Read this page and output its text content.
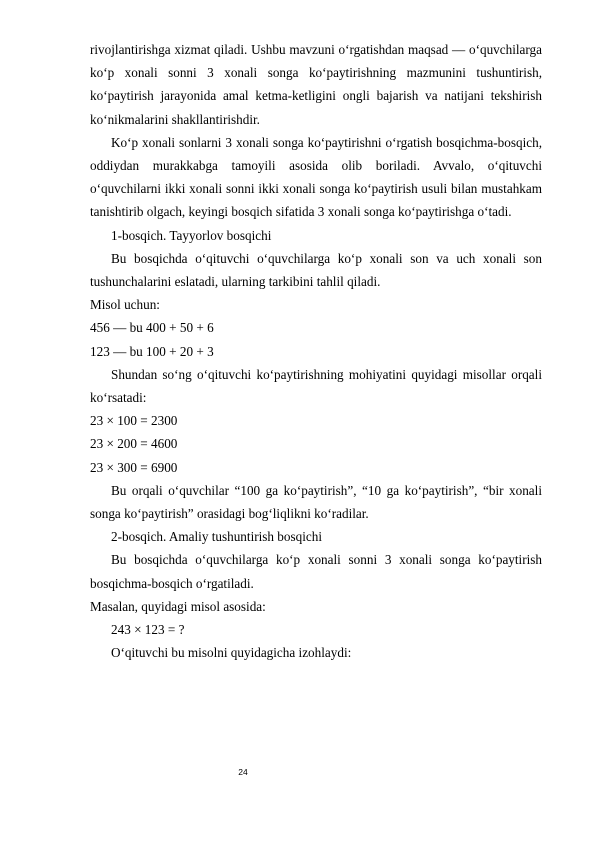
rivojlantirishga xizmat qiladi. Ushbu mavzuni o‘rgatishdan maqsad — o‘quvchilarga ko‘p xonali sonni 3 xonali songa ko‘paytirishning mazmunini tushuntirish, ko‘paytirish jarayonida amal ketma-ketligini ongli bajarish va natijani tekshirish ko‘nikmalarini shakllantirishdir.

Ko‘p xonali sonlarni 3 xonali songa ko‘paytirishni o‘rgatish bosqichma-bosqich, oddiydan murakkabga tamoyili asosida olib boriladi. Avvalo, o‘qituvchi o‘quvchilarni ikki xonali sonni ikki xonali songa ko‘paytirish usuli bilan mustahkam tanishtirib olgach, keyingi bosqich sifatida 3 xonali songa ko‘paytirishga o‘tadi.

1-bosqich. Tayyorlov bosqichi

Bu bosqichda o‘qituvchi o‘quvchilarga ko‘p xonali son va uch xonali son tushunchalarini eslatadi, ularning tarkibini tahlil qiladi.

Misol uchun:

456 — bu 400 + 50 + 6

123 — bu 100 + 20 + 3

Shundan so‘ng o‘qituvchi ko‘paytirishning mohiyatini quyidagi misollar orqali ko‘rsatadi:

23 × 100 = 2300

23 × 200 = 4600

23 × 300 = 6900

Bu orqali o‘quvchilar “100 ga ko‘paytirish”, “10 ga ko‘paytirish”, “bir xonali songa ko‘paytirish” orasidagi bog‘liqlikni ko‘radilar.

2-bosqich. Amaliy tushuntirish bosqichi

Bu bosqichda o‘quvchilarga ko‘p xonali sonni 3 xonali songa ko‘paytirish bosqichma-bosqich o‘rgatiladi.

Masalan, quyidagi misol asosida:

243 × 123 = ?

O‘qituvchi bu misolni quyidagicha izohlaydi:

24
